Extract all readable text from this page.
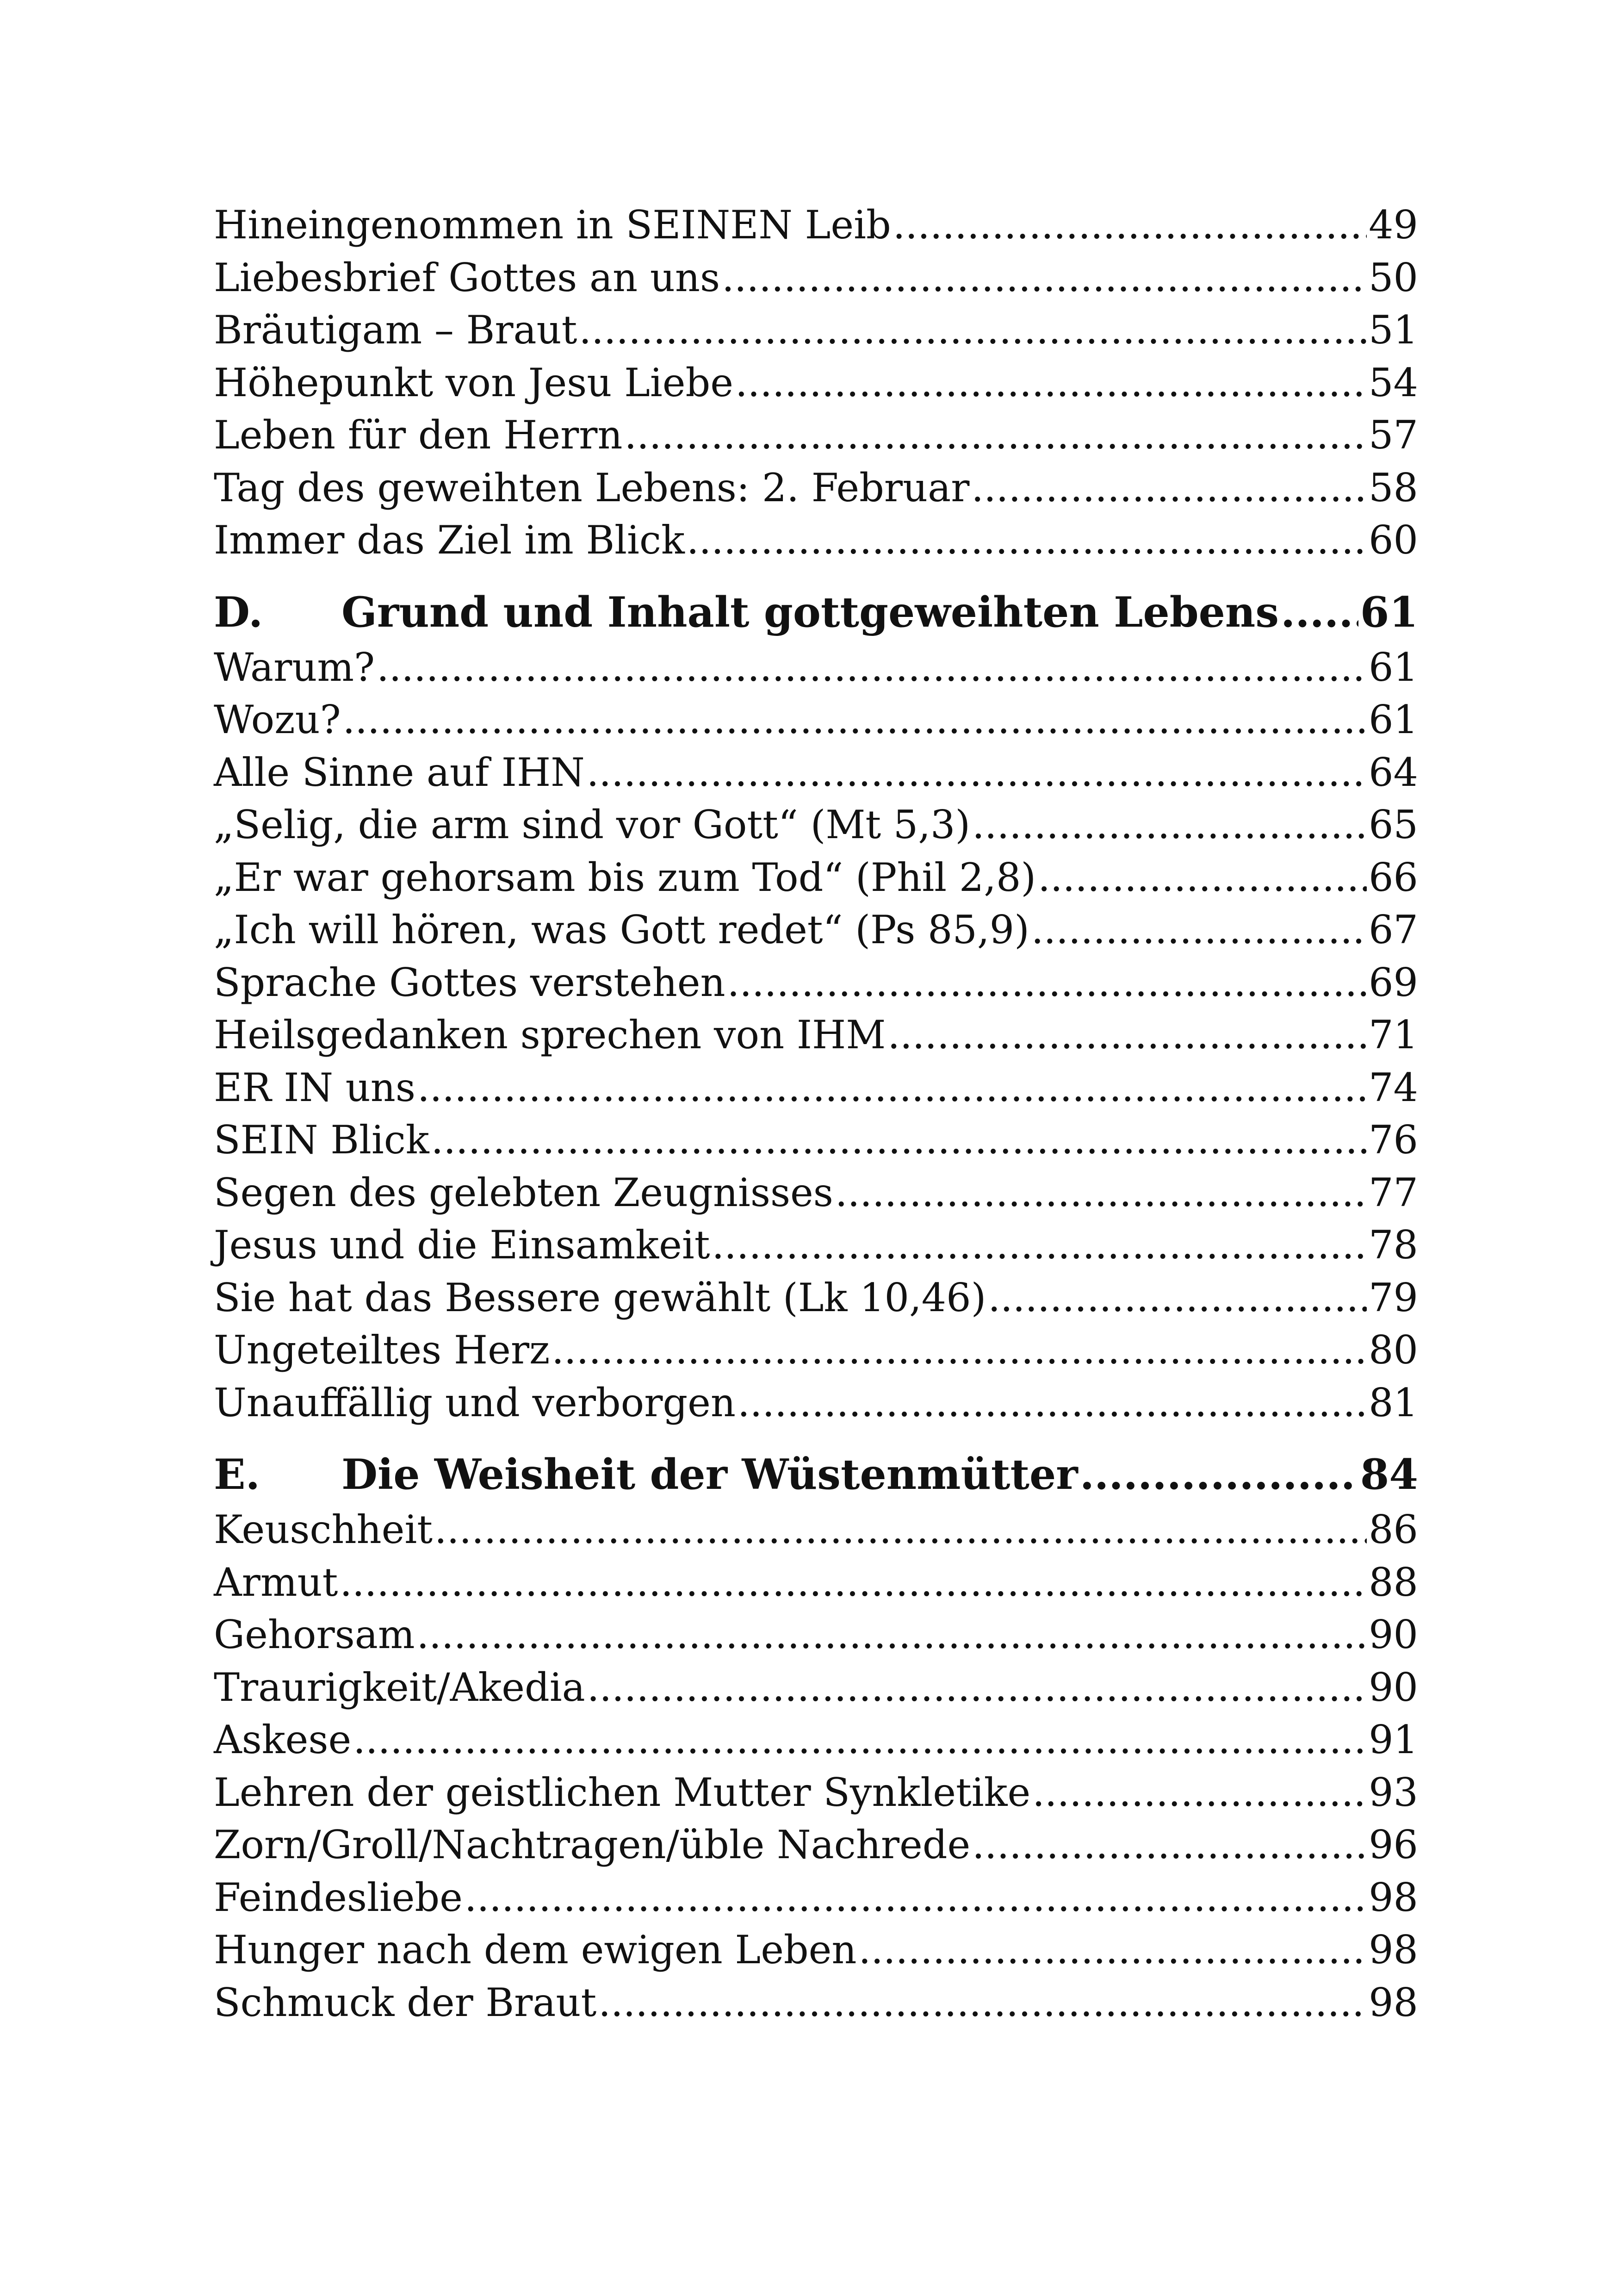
Hineingenommen in SEINEN Leib .....	49
Liebesbrief Gottes an uns .....	50
Bräutigam – Braut .....	51
Höhepunkt von Jesu Liebe .....	54
Leben für den Herrn .....	57
Tag des geweihten Lebens: 2. Februar .....	58
Immer das Ziel im Blick .....	60
D.	Grund und Inhalt gottgeweihten Lebens ..... 61
Warum? .....	61
Wozu? .....	61
Alle Sinne auf IHN .....	64
„Selig, die arm sind vor Gott“ (Mt 5,3) .....	65
„Er war gehorsam bis zum Tod“ (Phil 2,8) .....	66
„Ich will hören, was Gott redet“ (Ps 85,9) .....	67
Sprache Gottes verstehen .....	69
Heilsgedanken sprechen von IHM .....	71
ER IN uns .....	74
SEIN Blick .....	76
Segen des gelebten Zeugnisses .....	77
Jesus und die Einsamkeit .....	78
Sie hat das Bessere gewählt (Lk 10,46) .....	79
Ungeteiltes Herz .....	80
Unauffällig und verborgen .....	81
E.	Die Weisheit der Wüstenmütter .....	84
Keuschheit .....	86
Armut .....	88
Gehorsam .....	90
Traurigkeit/Akedia .....	90
Askese .....	91
Lehren der geistlichen Mutter Synkletike .....	93
Zorn/Groll/Nachtragen/üble Nachrede .....	96
Feindesliebe .....	98
Hunger nach dem ewigen Leben .....	98
Schmuck der Braut .....	98
